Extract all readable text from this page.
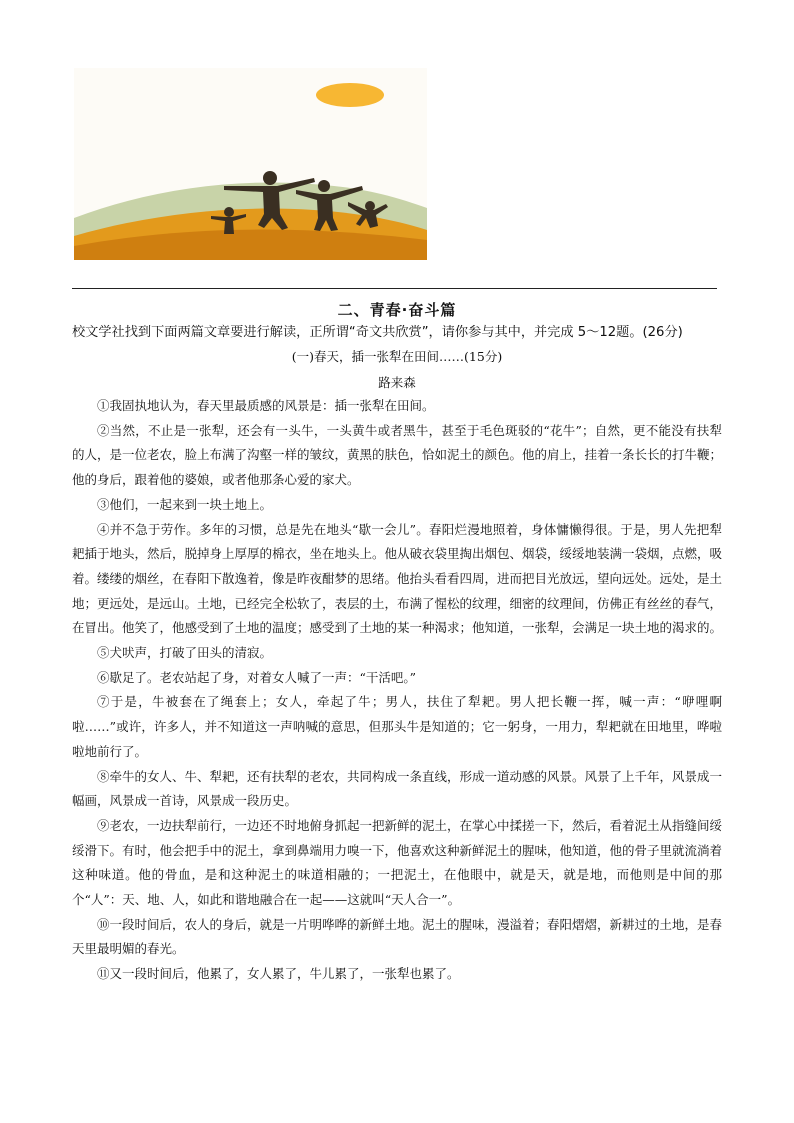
二、青春·奋斗篇
校文学社找到下面两篇文章要进行解读，正所谓“奇文共欣赏”，请你参与其中，并完成 5～12题。(26分)
(一)春天，插一张犁在田间……(15分)
路来森

①我固执地认为，春天里最质感的风景是：插一张犁在田间。

②当然，不止是一张犁，还会有一头牛，一头黄牛或者黑牛，甚至于毛色斑驳的“花牛”；自然，更不能没有扶犁的人，是一位老农，脸上布满了沟壑一样的皱纹，黄黑的肤色，恰如泥土的颜色。他的肩上，挂着一条长长的打牛鞭；他的身后，跟着他的婆娘，或者他那条心爱的家犬。

③他们，一起来到一块土地上。

④并不急于劳作。多年的习惯，总是先在地头“歇一会儿”。春阳烂漫地照着，身体慵懒得很。于是，男人先把犁耙插于地头，然后，脱掉身上厚厚的棉衣，坐在地头上。他从破衣袋里掏出烟包、烟袋，绥绥地装满一袋烟，点燃，吸着。缕缕的烟丝，在春阳下散逸着，像是昨夜酣梦的思绪。他抬头看看四周，进而把目光放远，望向远处。远处，是土地；更远处，是远山。土地，已经完全松软了，表层的土，布满了惺松的纹理，细密的纹理间，仿佛正有丝丝的春气，在冒出。他笑了，他感受到了土地的温度；感受到了土地的某一种渴求；他知道，一张犁，会满足一块土地的渴求的。

⑤犬吠声，打破了田头的清寂。

⑥歇足了。老农站起了身，对着女人喊了一声：“干活吧。”

⑦于是，牛被套在了绳套上；女人，牵起了牛；男人，扶住了犁耙。男人把长鞭一挥，喊一声：“咿哩啊啦……”或许，许多人，并不知道这一声呐喊的意思，但那头牛是知道的；它一躬身，一用力，犁耙就在田地里，哗啦啦地前行了。

⑧牵牛的女人、牛、犁耙，还有扶犁的老农，共同构成一条直线，形成一道动感的风景。风景了上千年，风景成一幅画，风景成一首诗，风景成一段历史。

⑨老农，一边扶犁前行，一边还不时地俯身抓起一把新鲜的泥土，在掌心中揉搓一下，然后，看着泥土从指缝间绥绥滑下。有时，他会把手中的泥土，拿到鼻端用力嗅一下，他喜欢这种新鲜泥土的腥味，他知道，他的骨子里就流淌着这种味道。他的骨血，是和这种泥土的味道相融的；一把泥土，在他眼中，就是天，就是地，而他则是中间的那个“人”：天、地、人，如此和谐地融合在一起——这就叫“天人合一”。

⑩一段时间后，农人的身后，就是一片明哗哗的新鲜土地。泥土的腥味，漫溢着；春阳熠熠，新耕过的土地，是春天里最明媚的春光。

⑪又一段时间后，他累了，女人累了，牛儿累了，一张犁也累了。
